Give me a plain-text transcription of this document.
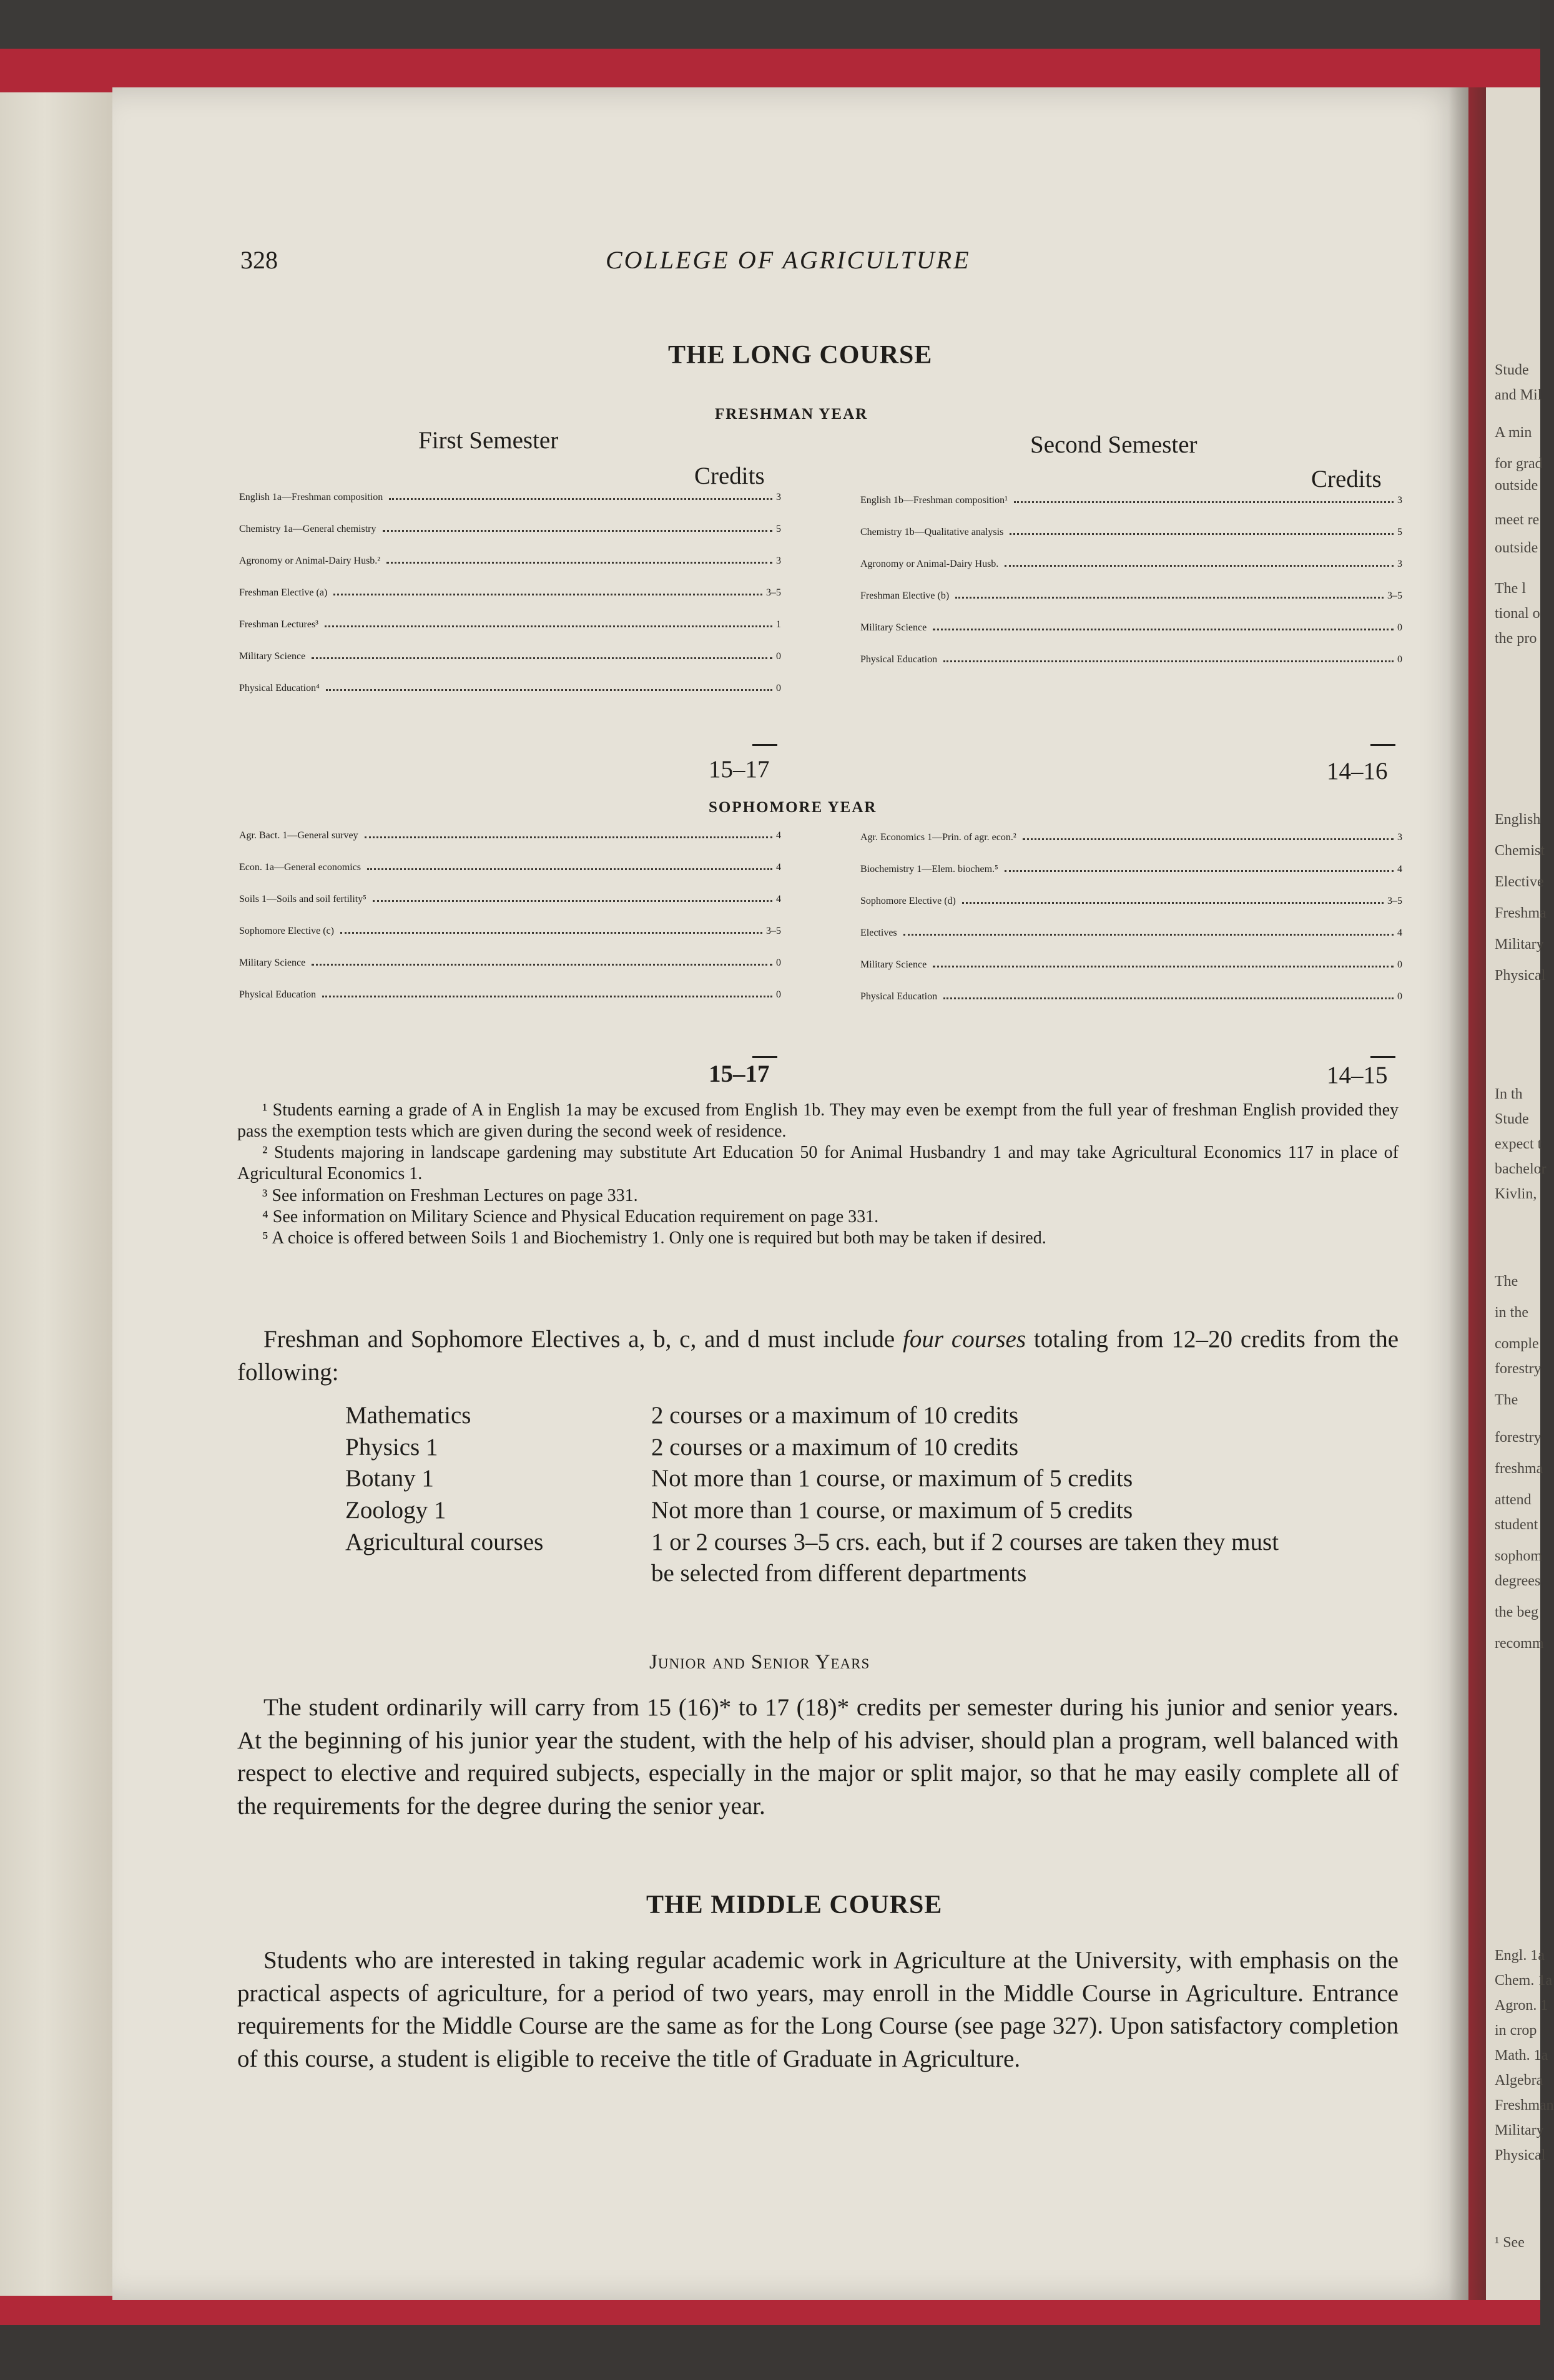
Stude
and Mil
A min
for grad
outside
meet re
outside
The l
tional o
the pro
English
Chemist
Elective
Freshma
Military
Physical
In th
Stude
expect t
bachelor
Kivlin,
The
in the
comple
forestry
The
forestry
freshma
attend
student
sophom
degrees
the beg
recomm
Engl. 1a
Chem. 1a
Agron. 1
in crop
Math. 1a
Algebra
Freshman
Military
Physical
¹ See
328	COLLEGE OF AGRICULTURE
THE LONG COURSE
FRESHMAN YEAR
First Semester	Second Semester
Credits	Credits
English 1a—Freshman composition	3
Chemistry 1a—General chemistry	5
Agronomy or Animal-Dairy Husb.²	3
Freshman Elective (a)	3–5
Freshman Lectures³	1
Military Science	0
Physical Education⁴	0
English 1b—Freshman composition¹	3
Chemistry 1b—Qualitative analysis	5
Agronomy or Animal-Dairy Husb.	3
Freshman Elective (b)	3–5
Military Science	0
Physical Education	0
15–17	14–16
SOPHOMORE YEAR
Agr. Bact. 1—General survey	4
Econ. 1a—General economics	4
Soils 1—Soils and soil fertility⁵	4
Sophomore Elective (c)	3–5
Military Science	0
Physical Education	0
Agr. Economics 1—Prin. of agr. econ.²	3
Biochemistry 1—Elem. biochem.⁵	4
Sophomore Elective (d)	3–5
Electives	4
Military Science	0
Physical Education	0
15–17	14–15
¹ Students earning a grade of A in English 1a may be excused from English 1b. They may even be exempt from the full year of freshman English provided they pass the exemption tests which are given during the second week of residence.
² Students majoring in landscape gardening may substitute Art Education 50 for Animal Husbandry 1 and may take Agricultural Economics 117 in place of Agricultural Economics 1.
³ See information on Freshman Lectures on page 331.
⁴ See information on Military Science and Physical Education requirement on page 331.
⁵ A choice is offered between Soils 1 and Biochemistry 1. Only one is required but both may be taken if desired.
Freshman and Sophomore Electives a, b, c, and d must include four courses totaling from 12–20 credits from the following:
Mathematics	2 courses or a maximum of 10 credits
Physics 1	2 courses or a maximum of 10 credits
Botany 1	Not more than 1 course, or maximum of 5 credits
Zoology 1	Not more than 1 course, or maximum of 5 credits
Agricultural courses	1 or 2 courses 3–5 crs. each, but if 2 courses are taken they must be selected from different departments
Junior and Senior Years
The student ordinarily will carry from 15 (16)* to 17 (18)* credits per semester during his junior and senior years. At the beginning of his junior year the student, with the help of his adviser, should plan a program, well balanced with respect to elective and required subjects, especially in the major or split major, so that he may easily complete all of the requirements for the degree during the senior year.
THE MIDDLE COURSE
Students who are interested in taking regular academic work in Agriculture at the University, with emphasis on the practical aspects of agriculture, for a period of two years, may enroll in the Middle Course in Agriculture. Entrance requirements for the Middle Course are the same as for the Long Course (see page 327). Upon satisfactory completion of this course, a student is eligible to receive the title of Graduate in Agriculture.
